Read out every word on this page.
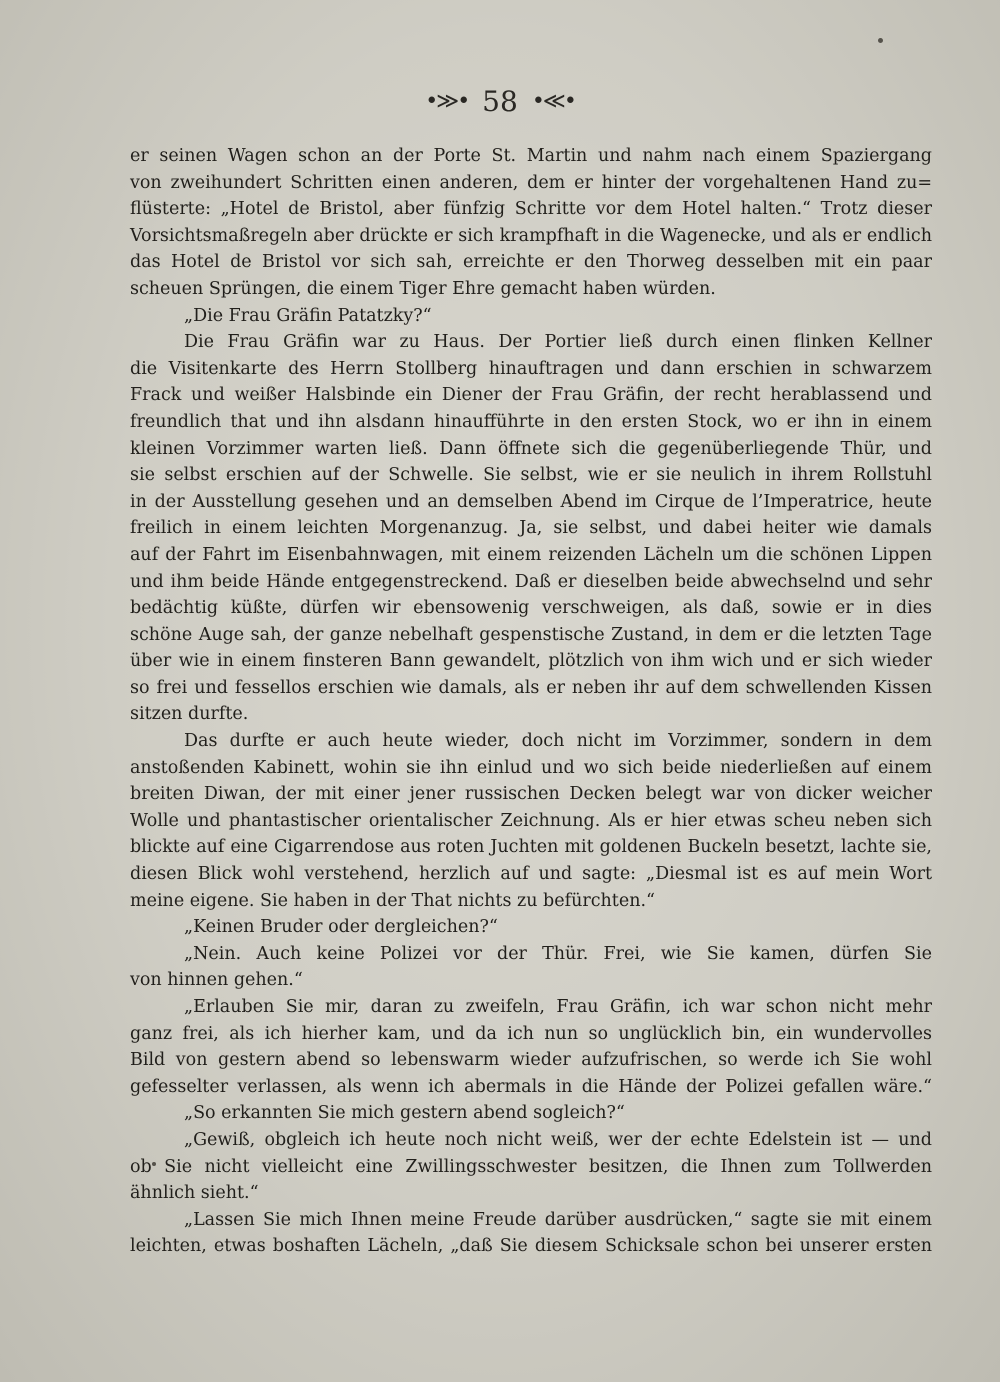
•≫• 58 •≪•
er seinen Wagen schon an der Porte St. Martin und nahm nach einem Spaziergang
von zweihundert Schritten einen anderen, dem er hinter der vorgehaltenen Hand zu=
flüsterte: „Hotel de Bristol, aber fünfzig Schritte vor dem Hotel halten.“ Trotz dieser
Vorsichtsmaßregeln aber drückte er sich krampfhaft in die Wagenecke, und als er endlich
das Hotel de Bristol vor sich sah, erreichte er den Thorweg desselben mit ein paar
scheuen Sprüngen, die einem Tiger Ehre gemacht haben würden.
„Die Frau Gräfin Patatzky?“
Die Frau Gräfin war zu Haus. Der Portier ließ durch einen flinken Kellner
die Visitenkarte des Herrn Stollberg hinauftragen und dann erschien in schwarzem
Frack und weißer Halsbinde ein Diener der Frau Gräfin, der recht herablassend und
freundlich that und ihn alsdann hinaufführte in den ersten Stock, wo er ihn in einem
kleinen Vorzimmer warten ließ. Dann öffnete sich die gegenüberliegende Thür, und
sie selbst erschien auf der Schwelle. Sie selbst, wie er sie neulich in ihrem Rollstuhl
in der Ausstellung gesehen und an demselben Abend im Cirque de l’Imperatrice, heute
freilich in einem leichten Morgenanzug. Ja, sie selbst, und dabei heiter wie damals
auf der Fahrt im Eisenbahnwagen, mit einem reizenden Lächeln um die schönen Lippen
und ihm beide Hände entgegenstreckend. Daß er dieselben beide abwechselnd und sehr
bedächtig küßte, dürfen wir ebensowenig verschweigen, als daß, sowie er in dies
schöne Auge sah, der ganze nebelhaft gespenstische Zustand, in dem er die letzten Tage
über wie in einem finsteren Bann gewandelt, plötzlich von ihm wich und er sich wieder
so frei und fessellos erschien wie damals, als er neben ihr auf dem schwellenden Kissen
sitzen durfte.
Das durfte er auch heute wieder, doch nicht im Vorzimmer, sondern in dem
anstoßenden Kabinett, wohin sie ihn einlud und wo sich beide niederließen auf einem
breiten Diwan, der mit einer jener russischen Decken belegt war von dicker weicher
Wolle und phantastischer orientalischer Zeichnung. Als er hier etwas scheu neben sich
blickte auf eine Cigarrendose aus roten Juchten mit goldenen Buckeln besetzt, lachte sie,
diesen Blick wohl verstehend, herzlich auf und sagte: „Diesmal ist es auf mein Wort
meine eigene. Sie haben in der That nichts zu befürchten.“
„Keinen Bruder oder dergleichen?“
„Nein. Auch keine Polizei vor der Thür. Frei, wie Sie kamen, dürfen Sie
von hinnen gehen.“
„Erlauben Sie mir, daran zu zweifeln, Frau Gräfin, ich war schon nicht mehr
ganz frei, als ich hierher kam, und da ich nun so unglücklich bin, ein wundervolles
Bild von gestern abend so lebenswarm wieder aufzufrischen, so werde ich Sie wohl
gefesselter verlassen, als wenn ich abermals in die Hände der Polizei gefallen wäre.“
„So erkannten Sie mich gestern abend sogleich?“
„Gewiß, obgleich ich heute noch nicht weiß, wer der echte Edelstein ist — und
ob Sie nicht vielleicht eine Zwillingsschwester besitzen, die Ihnen zum Tollwerden
ähnlich sieht.“
„Lassen Sie mich Ihnen meine Freude darüber ausdrücken,“ sagte sie mit einem
leichten, etwas boshaften Lächeln, „daß Sie diesem Schicksale schon bei unserer ersten
